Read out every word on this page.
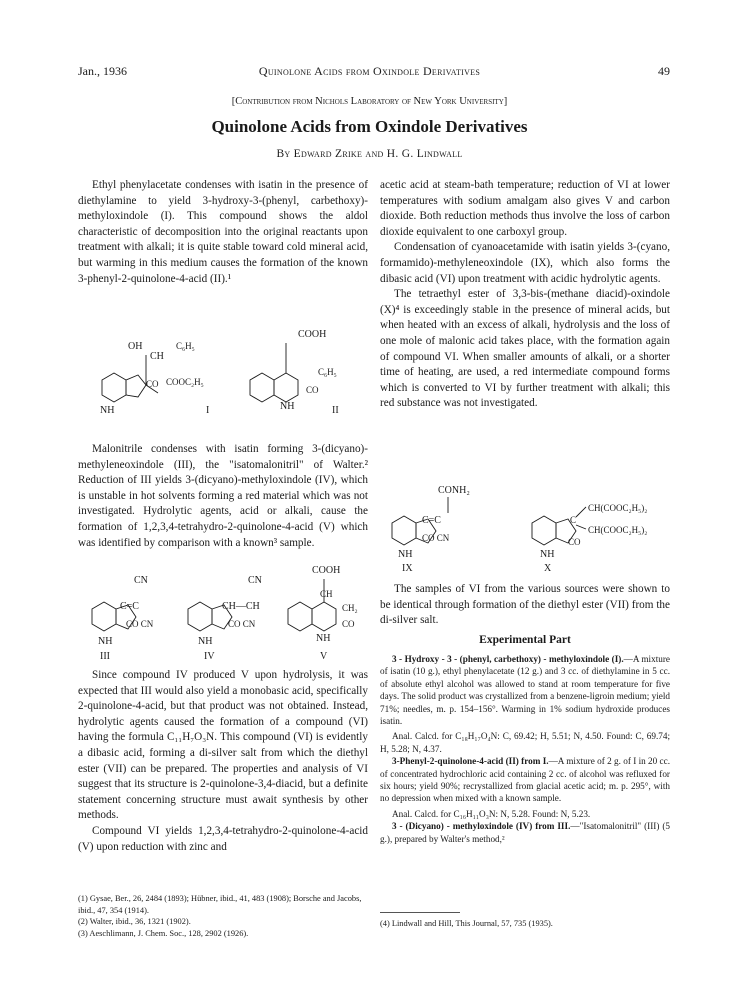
Jan., 1936	Quinolone Acids from Oxindole Derivatives	49
[Contribution from Nichols Laboratory of New York University]
Quinolone Acids from Oxindole Derivatives
By Edward Zrike and H. G. Lindwall

Ethyl phenylacetate condenses with isatin in the presence of diethylamine to yield 3-hydroxy-3-(phenyl, carbethoxy)-methyloxindole (I). This compound shows the aldol characteristic of decomposition into the original reactants upon treatment with alkali; it is quite stable toward cold mineral acid, but warming in this medium causes the formation of the known 3-phenyl-2-quinolone-4-acid (II).¹

OH
CH
C₆H₅
CO COOC₂H₅
NH	I
COOH
C₆H₅
CO
NH	II

Malonitrile condenses with isatin forming 3-(dicyano)-methyleneoxindole (III), the "isatomalonitril" of Walter.² Reduction of III yields 3-(dicyano)-methyloxindole (IV), which is unstable in hot solvents forming a red material which was not investigated. Hydrolytic agents, acid or alkali, cause the formation of 1,2,3,4-tetrahydro-2-quinolone-4-acid (V) which was identified by comparison with a known³ sample.

CN
C=C
CO CN
NH
III
CN
CH—CH
CO CN
NH
IV
COOH
CH
CH₂
CO
NH
V

Since compound IV produced V upon hydrolysis, it was expected that III would also yield a monobasic acid, specifically 2-quinolone-4-acid, but that product was not obtained. Instead, hydrolytic agents caused the formation of a compound (VI) having the formula C₁₁H₇O₃N. This compound (VI) is evidently a dibasic acid, forming a di-silver salt from which the diethyl ester (VII) can be prepared. The properties and analysis of VI suggest that its structure is 2-quinolone-3,4-diacid, but a definite statement concerning structure must await synthesis by other methods.

Compound VI yields 1,2,3,4-tetrahydro-2-quinolone-4-acid (V) upon reduction with zinc and

(1) Gysae, Ber., 26, 2484 (1893); Hübner, ibid., 41, 483 (1908); Borsche and Jacobs, ibid., 47, 354 (1914).
(2) Walter, ibid., 36, 1321 (1902).
(3) Aeschlimann, J. Chem. Soc., 128, 2902 (1926).

acetic acid at steam-bath temperature; reduction of VI at lower temperatures with sodium amalgam also gives V and carbon dioxide. Both reduction methods thus involve the loss of carbon dioxide equivalent to one carboxyl group.

Condensation of cyanoacetamide with isatin yields 3-(cyano, formamido)-methyleneoxindole (IX), which also forms the dibasic acid (VI) upon treatment with acidic hydrolytic agents.

The tetraethyl ester of 3,3-bis-(methane diacid)-oxindole (X)⁴ is exceedingly stable in the presence of mineral acids, but when heated with an excess of alkali, hydrolysis and the loss of one mole of malonic acid takes place, with the formation again of compound VI. When smaller amounts of alkali, or a shorter time of heating, are used, a red intermediate compound forms which is converted to VI by further treatment with alkali; this red substance was not investigated.

CONH₂
C=C
CO CN
NH
IX
CH(COOC₂H₅)₂
CH(COOC₂H₅)₂
C
CO
NH
X

The samples of VI from the various sources were shown to be identical through formation of the diethyl ester (VII) from the di-silver salt.

Experimental Part

3 - Hydroxy - 3 - (phenyl, carbethoxy) - methyloxindole (I).—A mixture of isatin (10 g.), ethyl phenylacetate (12 g.) and 3 cc. of diethylamine in 5 cc. of absolute ethyl alcohol was allowed to stand at room temperature for five days. The solid product was crystallized from a benzene-ligroin medium; yield 71%; needles, m. p. 154–156°. Warming in 1% sodium hydroxide produces isatin.

Anal. Calcd. for C₁₈H₁₇O₄N: C, 69.42; H, 5.51; N, 4.50. Found: C, 69.74; H, 5.28; N, 4.37.

3-Phenyl-2-quinolone-4-acid (II) from I.—A mixture of 2 g. of I in 20 cc. of concentrated hydrochloric acid containing 2 cc. of alcohol was refluxed for six hours; yield 90%; recrystallized from glacial acetic acid; m. p. 295°, with no depression when mixed with a known sample.

Anal. Calcd. for C₁₆H₁₁O₃N: N, 5.28. Found: N, 5.23.

3 - (Dicyano) - methyloxindole (IV) from III.—"Isatomalonitril" (III) (5 g.), prepared by Walter's method,²

(4) Lindwall and Hill, This Journal, 57, 735 (1935).
